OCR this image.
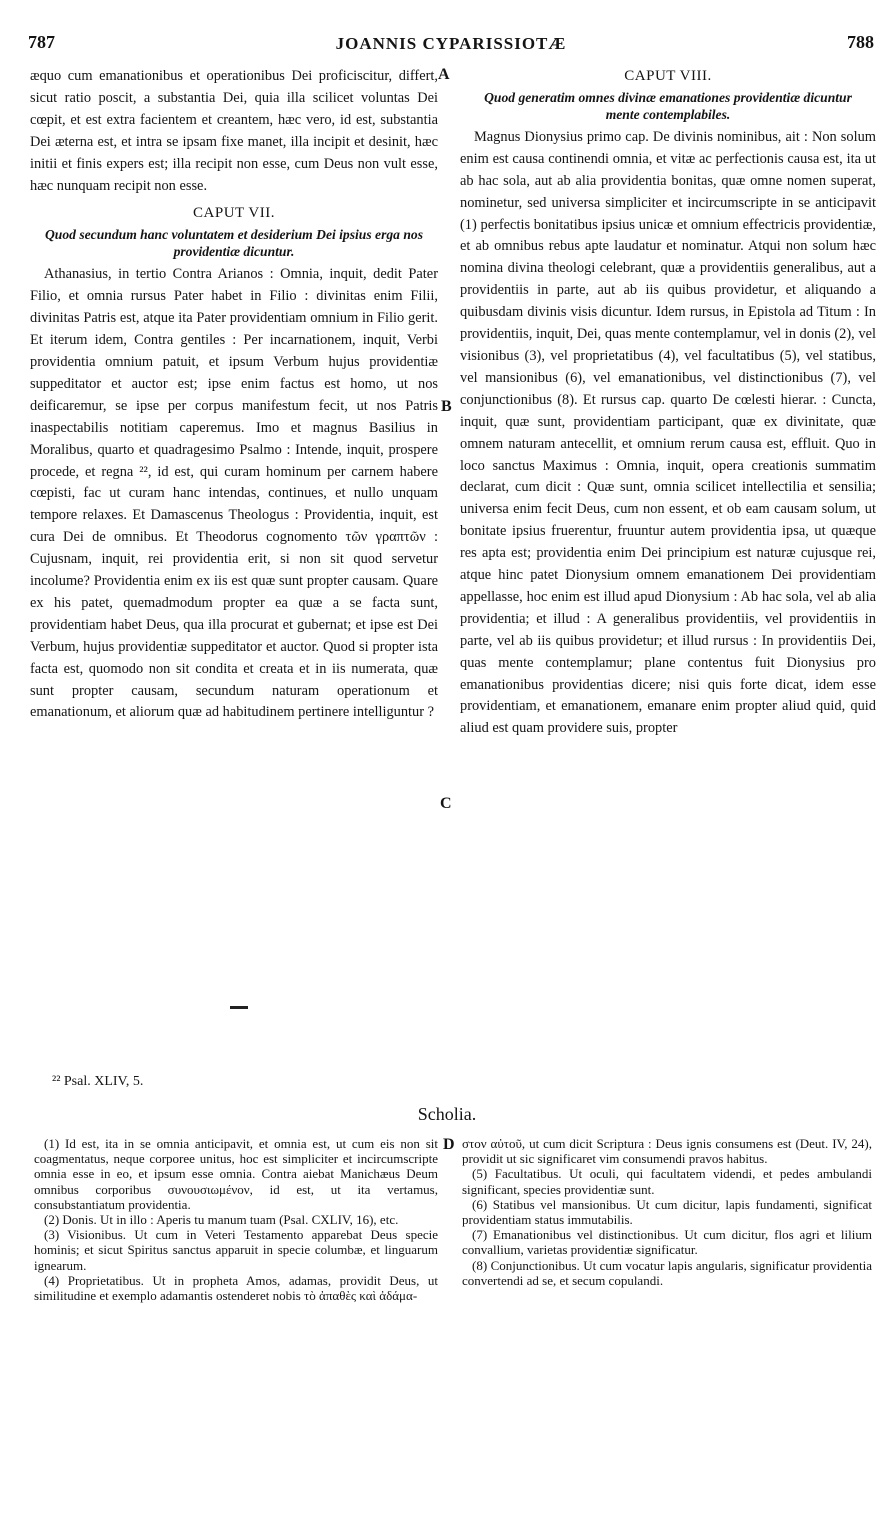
787	JOANNIS CYPARISSIOTÆ	788
A
B
C
D

æquo cum emanationibus et operationibus Dei proficiscitur, differt, sicut ratio poscit, a substantia Dei, quia illa scilicet voluntas Dei cœpit, et est extra facientem et creantem, hæc vero, id est, substantia Dei æterna est, et intra se ipsam fixe manet, illa incipit et desinit, hæc initii et finis expers est; illa recipit non esse, cum Deus non vult esse, hæc nunquam recipit non esse.

CAPUT VII.
Quod secundum hanc voluntatem et desiderium Dei ipsius erga nos providentiæ dicuntur.

Athanasius, in tertio Contra Arianos : Omnia, inquit, dedit Pater Filio, et omnia rursus Pater habet in Filio : divinitas enim Filii, divinitas Patris est, atque ita Pater providentiam omnium in Filio gerit. Et iterum idem, Contra gentiles : Per incarnationem, inquit, Verbi providentia omnium patuit, et ipsum Verbum hujus providentiæ suppeditator et auctor est; ipse enim factus est homo, ut nos deificaremur, se ipse per corpus manifestum fecit, ut nos Patris inaspectabilis notitiam caperemus. Imo et magnus Basilius in Moralibus, quarto et quadragesimo Psalmo : Intende, inquit, prospere procede, et regna ²², id est, qui curam hominum per carnem habere cœpisti, fac ut curam hanc intendas, continues, et nullo unquam tempore relaxes. Et Damascenus Theologus : Providentia, inquit, est cura Dei de omnibus. Et Theodorus cognomento τῶν γραπτῶν : Cujusnam, inquit, rei providentia erit, si non sit quod servetur incolume? Providentia enim ex iis est quæ sunt propter causam. Quare ex his patet, quemadmodum propter ea quæ a se facta sunt, providentiam habet Deus, qua illa procurat et gubernat; et ipse est Dei Verbum, hujus providentiæ suppeditator et auctor. Quod si propter ista facta est, quomodo non sit condita et creata et in iis numerata, quæ sunt propter causam, secundum naturam operationum et emanationum, et aliorum quæ ad habitudinem pertinere intelliguntur ?

CAPUT VIII.
Quod generatim omnes divinæ emanationes providentiæ dicuntur mente contemplabiles.

Magnus Dionysius primo cap. De divinis nominibus, ait : Non solum enim est causa continendi omnia, et vitæ ac perfectionis causa est, ita ut ab hac sola, aut ab alia providentia bonitas, quæ omne nomen superat, nominetur, sed universa simpliciter et incircumscripte in se anticipavit (1) perfectis bonitatibus ipsius unicæ et omnium effectricis providentiæ, et ab omnibus rebus apte laudatur et nominatur. Atqui non solum hæc nomina divina theologi celebrant, quæ a providentiis generalibus, aut a providentiis in parte, aut ab iis quibus providetur, et aliquando a quibusdam divinis visis dicuntur. Idem rursus, in Epistola ad Titum : In providentiis, inquit, Dei, quas mente contemplamur, vel in donis (2), vel visionibus (3), vel proprietatibus (4), vel facultatibus (5), vel statibus, vel mansionibus (6), vel emanationibus, vel distinctionibus (7), vel conjunctionibus (8). Et rursus cap. quarto De cœlesti hierar. : Cuncta, inquit, quæ sunt, providentiam participant, quæ ex divinitate, quæ omnem naturam antecellit, et omnium rerum causa est, effluit. Quo in loco sanctus Maximus : Omnia, inquit, opera creationis summatim declarat, cum dicit : Quæ sunt, omnia scilicet intellectilia et sensilia; universa enim fecit Deus, cum non essent, et ob eam causam solum, ut bonitate ipsius fruerentur, fruuntur autem providentia ipsa, ut quæque res apta est; providentia enim Dei principium est naturæ cujusque rei, atque hinc patet Dionysium omnem emanationem Dei providentiam appellasse, hoc enim est illud apud Dionysium : Ab hac sola, vel ab alia providentia; et illud : A generalibus providentiis, vel providentiis in parte, vel ab iis quibus providetur; et illud rursus : In providentiis Dei, quas mente contemplamur; plane contentus fuit Dionysius pro emanationibus providentias dicere; nisi quis forte dicat, idem esse providentiam, et emanationem, emanare enim propter aliud quid, quid aliud est quam providere suis, propter

²² Psal. XLIV, 5.
Scholia.

(1) Id est, ita in se omnia anticipavit, et omnia est, ut cum eis non sit coagmentatus, neque corporee unitus, hoc est simpliciter et incircumscripte omnia esse in eo, et ipsum esse omnia. Contra aiebat Manichæus Deum omnibus corporibus συνουσιωμένον, id est, ut ita vertamus, consubstantiatum providentia.

(2) Donis. Ut in illo : Aperis tu manum tuam (Psal. CXLIV, 16), etc.

(3) Visionibus. Ut cum in Veteri Testamento apparebat Deus specie hominis; et sicut Spiritus sanctus apparuit in specie columbæ, et linguarum ignearum.

(4) Proprietatibus. Ut in propheta Amos, adamas, providit Deus, ut similitudine et exemplo adamantis ostenderet nobis τὸ ἀπαθὲς καὶ ἀδάμα-

στον αὐτοῦ, ut cum dicit Scriptura : Deus ignis consumens est (Deut. IV, 24), providit ut sic significaret vim consumendi pravos habitus.

(5) Facultatibus. Ut oculi, qui facultatem videndi, et pedes ambulandi significant, species providentiæ sunt.

(6) Statibus vel mansionibus. Ut cum dicitur, lapis fundamenti, significat providentiam status immutabilis.

(7) Emanationibus vel distinctionibus. Ut cum dicitur, flos agri et lilium convallium, varietas providentiæ significatur.

(8) Conjunctionibus. Ut cum vocatur lapis angularis, significatur providentia convertendi ad se, et secum copulandi.
